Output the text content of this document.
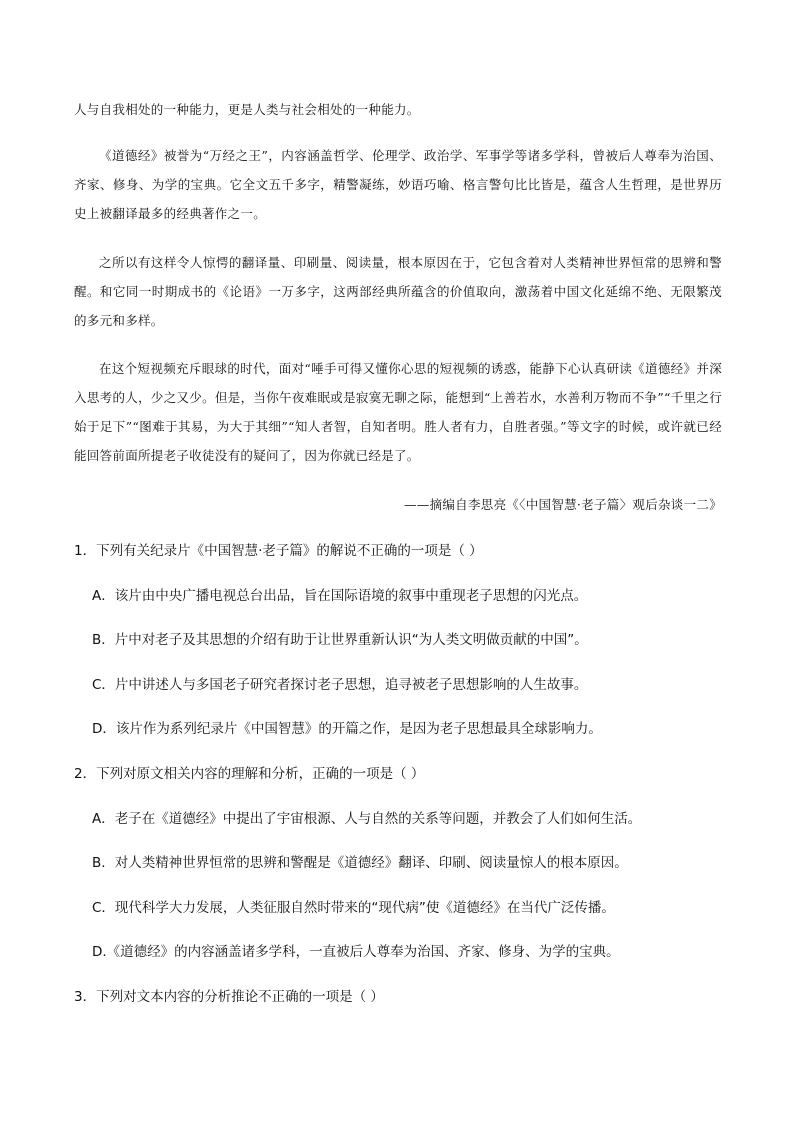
人与自我相处的一种能力，更是人类与社会相处的一种能力。

《道德经》被誉为“万经之王”，内容涵盖哲学、伦理学、政治学、军事学等诸多学科，曾被后人尊奉为治国、齐家、修身、为学的宝典。它全文五千多字，精警凝练，妙语巧喻、格言警句比比皆是，蕴含人生哲理，是世界历史上被翻译最多的经典著作之一。

之所以有这样令人惊愕的翻译量、印刷量、阅读量，根本原因在于，它包含着对人类精神世界恒常的思辨和警醒。和它同一时期成书的《论语》一万多字，这两部经典所蕴含的价值取向，激荡着中国文化延绵不绝、无限繁茂的多元和多样。

在这个短视频充斥眼球的时代，面对“唾手可得又懂你心思的短视频的诱惑，能静下心认真研读《道德经》并深入思考的人，少之又少。但是，当你午夜难眠或是寂寞无聊之际，能想到“上善若水，水善利万物而不争”“千里之行始于足下”“图难于其易，为大于其细”“知人者智，自知者明。胜人者有力，自胜者强。”等文字的时候，或许就已经能回答前面所提老子收徒没有的疑问了，因为你就已经是了。

——摘编自李思亮《〈中国智慧·老子篇〉观后杂谈一二》
1．下列有关纪录片《中国智慧·老子篇》的解说不正确的一项是（ ）
A．该片由中央广播电视总台出品，旨在国际语境的叙事中重现老子思想的闪光点。
B．片中对老子及其思想的介绍有助于让世界重新认识“为人类文明做贡献的中国”。
C．片中讲述人与多国老子研究者探讨老子思想，追寻被老子思想影响的人生故事。
D．该片作为系列纪录片《中国智慧》的开篇之作，是因为老子思想最具全球影响力。
2．下列对原文相关内容的理解和分析，正确的一项是（ ）
A．老子在《道德经》中提出了宇宙根源、人与自然的关系等问题，并教会了人们如何生活。
B．对人类精神世界恒常的思辨和警醒是《道德经》翻译、印刷、阅读量惊人的根本原因。
C．现代科学大力发展，人类征服自然时带来的“现代病”使《道德经》在当代广泛传播。
D.《道德经》的内容涵盖诸多学科，一直被后人尊奉为治国、齐家、修身、为学的宝典。
3．下列对文本内容的分析推论不正确的一项是（ ）
